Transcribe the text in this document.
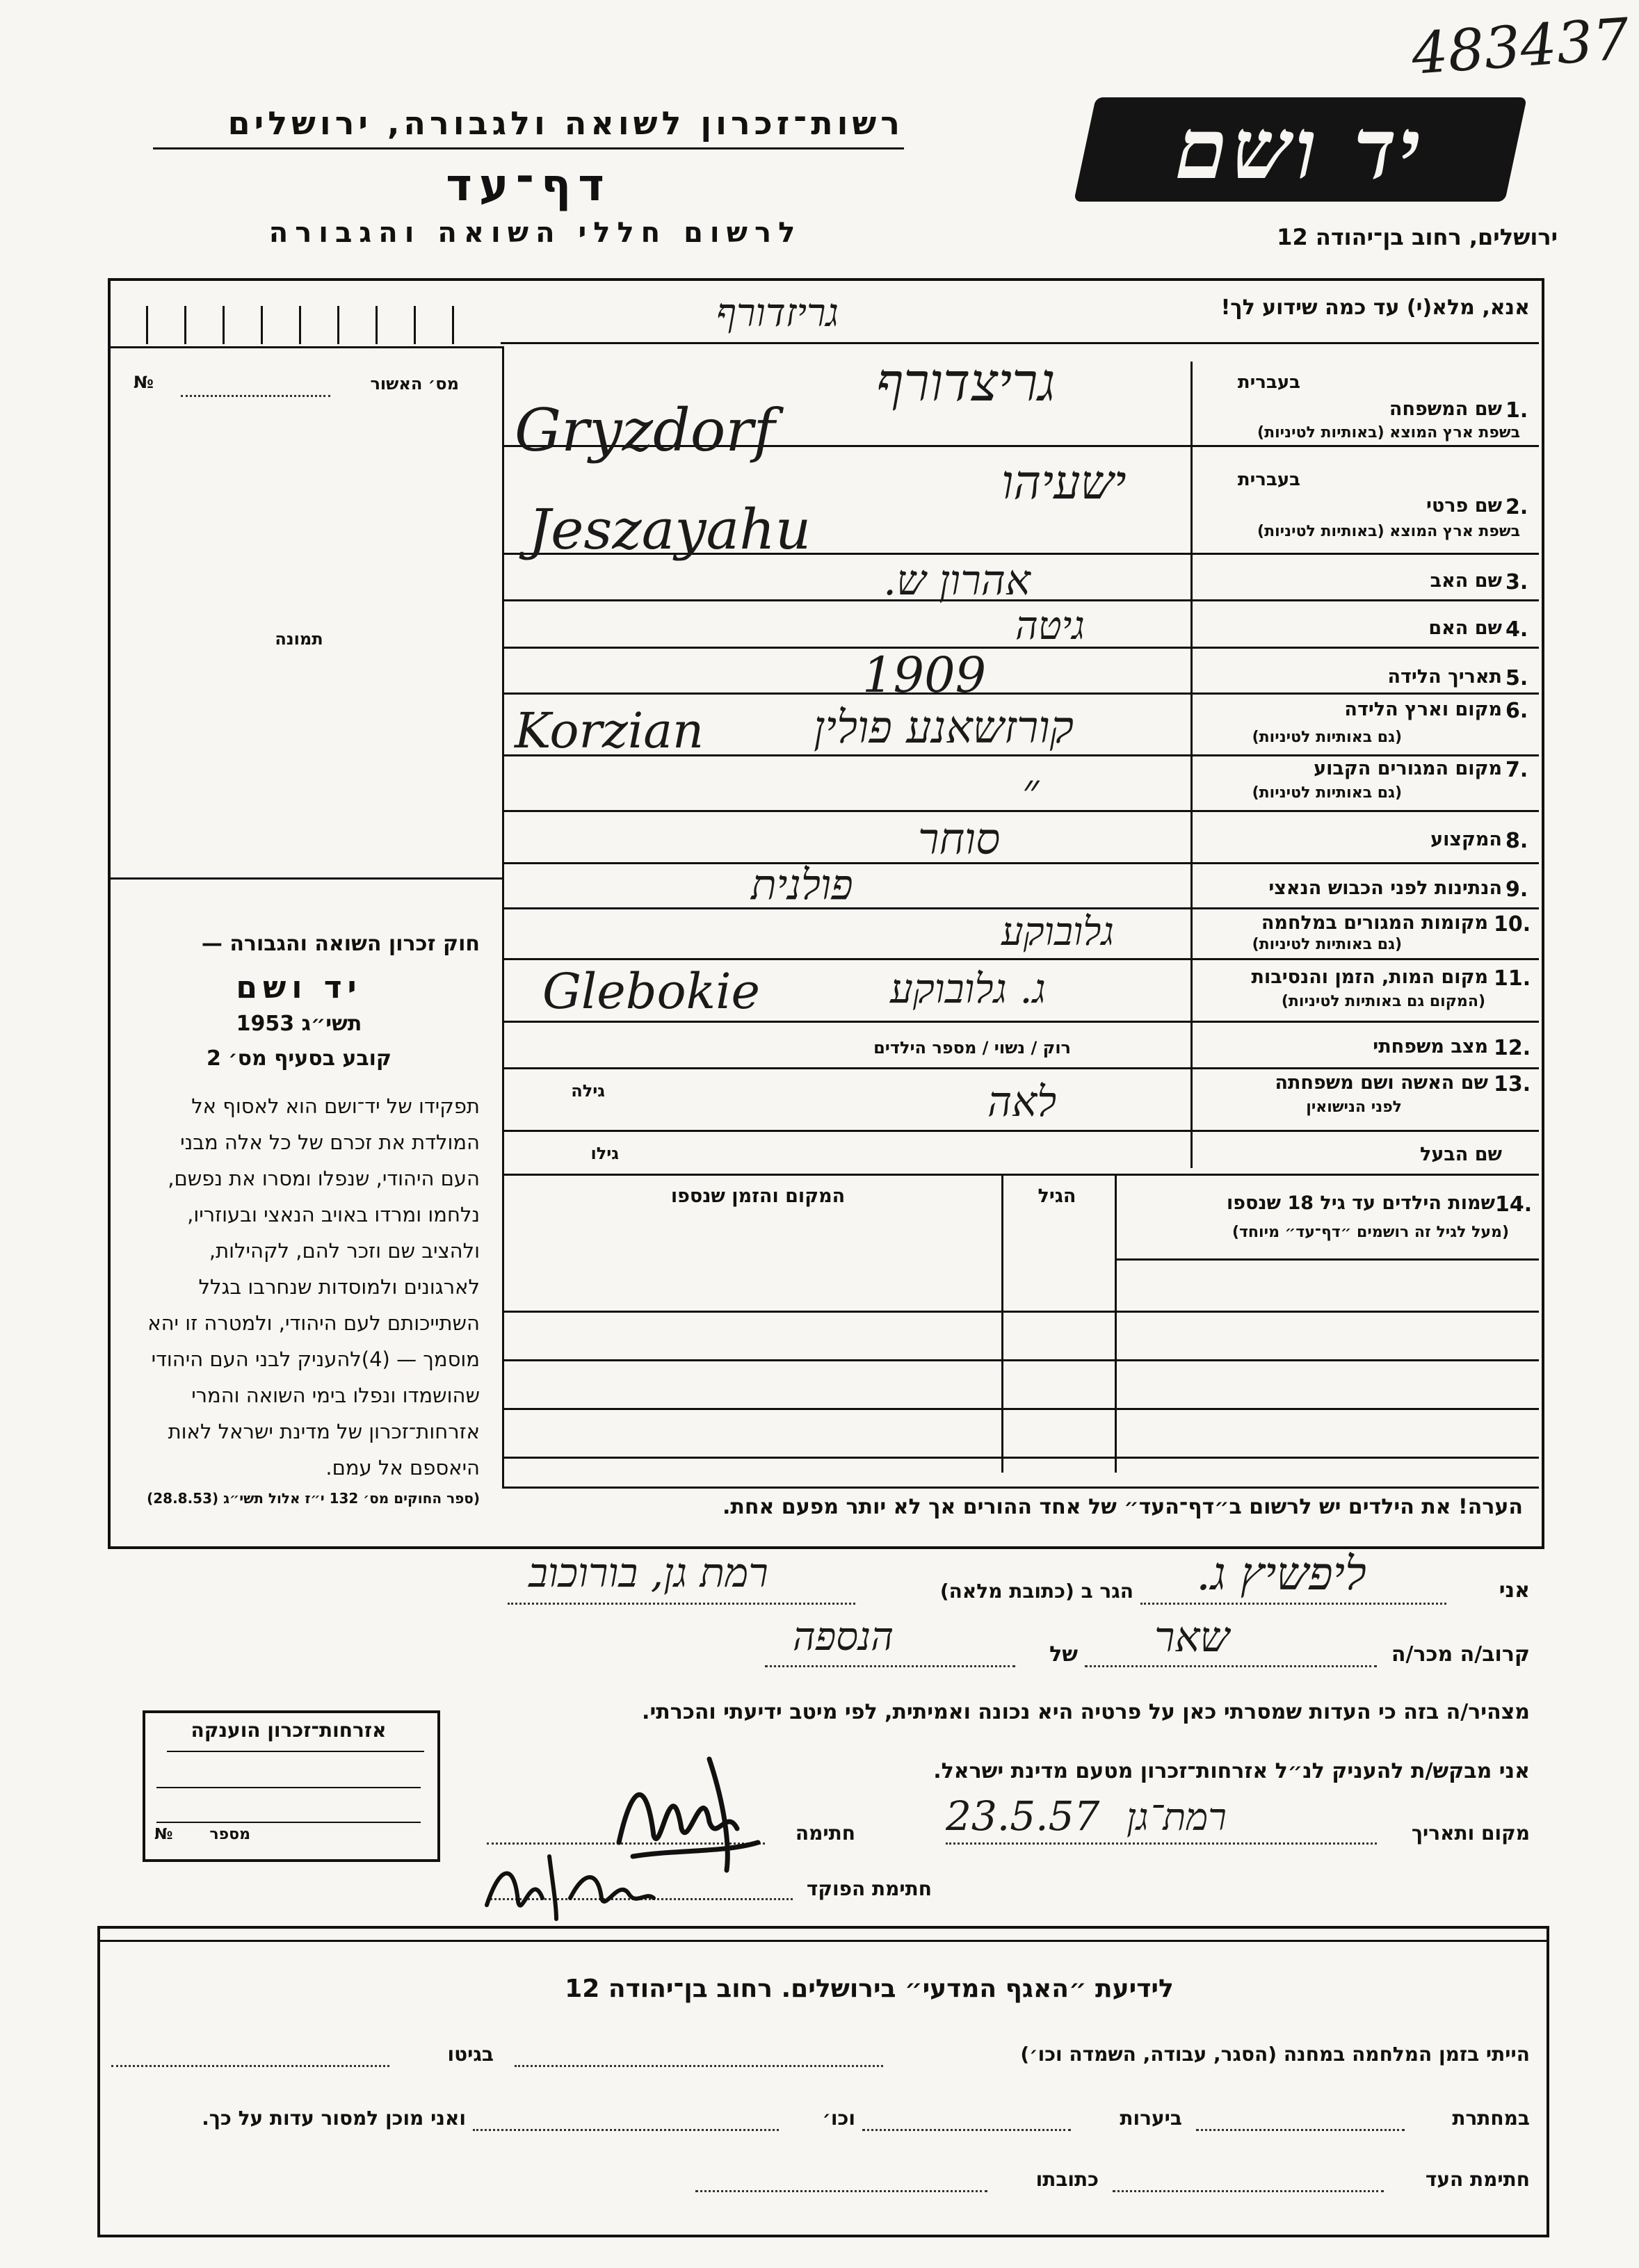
483437
רשות־זכרון לשואה ולגבורה, ירושלים
דף־עד
לרשום חללי השואה והגבורה
יד ושם
ירושלים, רחוב בן־יהודה 12
אנא, מלא(י) עד כמה שידוע לך!
מס׳ האשור
№
תמונה
בעברית
שם המשפחה 1.
בשפת ארץ המוצא (באותיות לטיניות)
בעברית
שם פרטי 2.
בשפת ארץ המוצא (באותיות לטיניות)
שם האב 3.
שם האם 4.
תאריך הלידה 5.
מקום וארץ הלידה 6.
(גם באותיות לטיניות)
מקום המגורים הקבוע 7.
(גם באותיות לטיניות)
המקצוע 8.
הנתינות לפני הכבוש הנאצי 9.
מקומות המגורים במלחמה 10.
(גם באותיות לטיניות)
מקום המות, הזמן והנסיבות 11.
(המקום גם באותיות לטיניות)
מצב משפחתי 12.
רוק / נשוי / מספר הילדים
שם האשה ושם משפחתה 13.
לפני הנישואין
גילה
שם הבעל
גילו
שמות הילדים עד גיל 18 שנספו 14.
(מעל לגיל זה רושמים ״דף־עד״ מיוחד)
הגיל
המקום והזמן שנספו
הערה! את הילדים יש לרשום ב״דף־העד״ של אחד ההורים אך לא יותר מפעם אחת.
גריזדורף
גריצדורף
Gryzdorf
ישעיהו
Jeszayahu
אהרון ש.
גיטה
1909
Korzian קורזשאנע פולין
״
סוחר
פולנית
גלובוקע
Glebokie	ג. גלובוקע
לאה
חוק זכרון השואה והגבורה —
יד ושם
תשי״ג 1953
קובע בסעיף מס׳ 2
תפקידו של יד־ושם הוא לאסוף אל המולדת את זכרם של כל אלה מבני העם היהודי, שנפלו ומסרו את נפשם, נלחמו ומרדו באויב הנאצי ובעוזריו, ולהציב שם וזכר להם, לקהילות, לארגונים ולמוסדות שנחרבו בגלל השתייכותם לעם היהודי, ולמטרה זו יהא מוסמך — (4)להעניק לבני העם היהודי שהושמדו ונפלו בימי השואה והמרי אזרחות־זכרון של מדינת ישראל לאות היאספם אל עמם.
(ספר החוקים מס׳ 132 י״ז אלול תשי״ג (28.8.53)
אני
ליפשיץ ג.
הגר ב (כתובת מלאה)
רמת גן, בורוכוב
קרוב/ה מכר/ה
שאר
של
הנספה
מצהיר/ה בזה כי העדות שמסרתי כאן על פרטיה היא נכונה ואמיתית, לפי מיטב ידיעתי והכרתי.
אני מבקש/ת להעניק לנ״ל אזרחות־זכרון מטעם מדינת ישראל.
מקום ותאריך
23.5.57 רמת־גן
חתימה
חתימת הפוקד
אזרחות־זכרון הוענקה
№	מספר
לידיעת ״האגף המדעי״ בירושלים. רחוב בן־יהודה 12
הייתי בזמן המלחמה במחנה (הסגר, עבודה, השמדה וכו׳)
בגיטו
במחתרת
ביערות
וכו׳
ואני מוכן למסור עדות על כך.
חתימת העד
כתובתו
